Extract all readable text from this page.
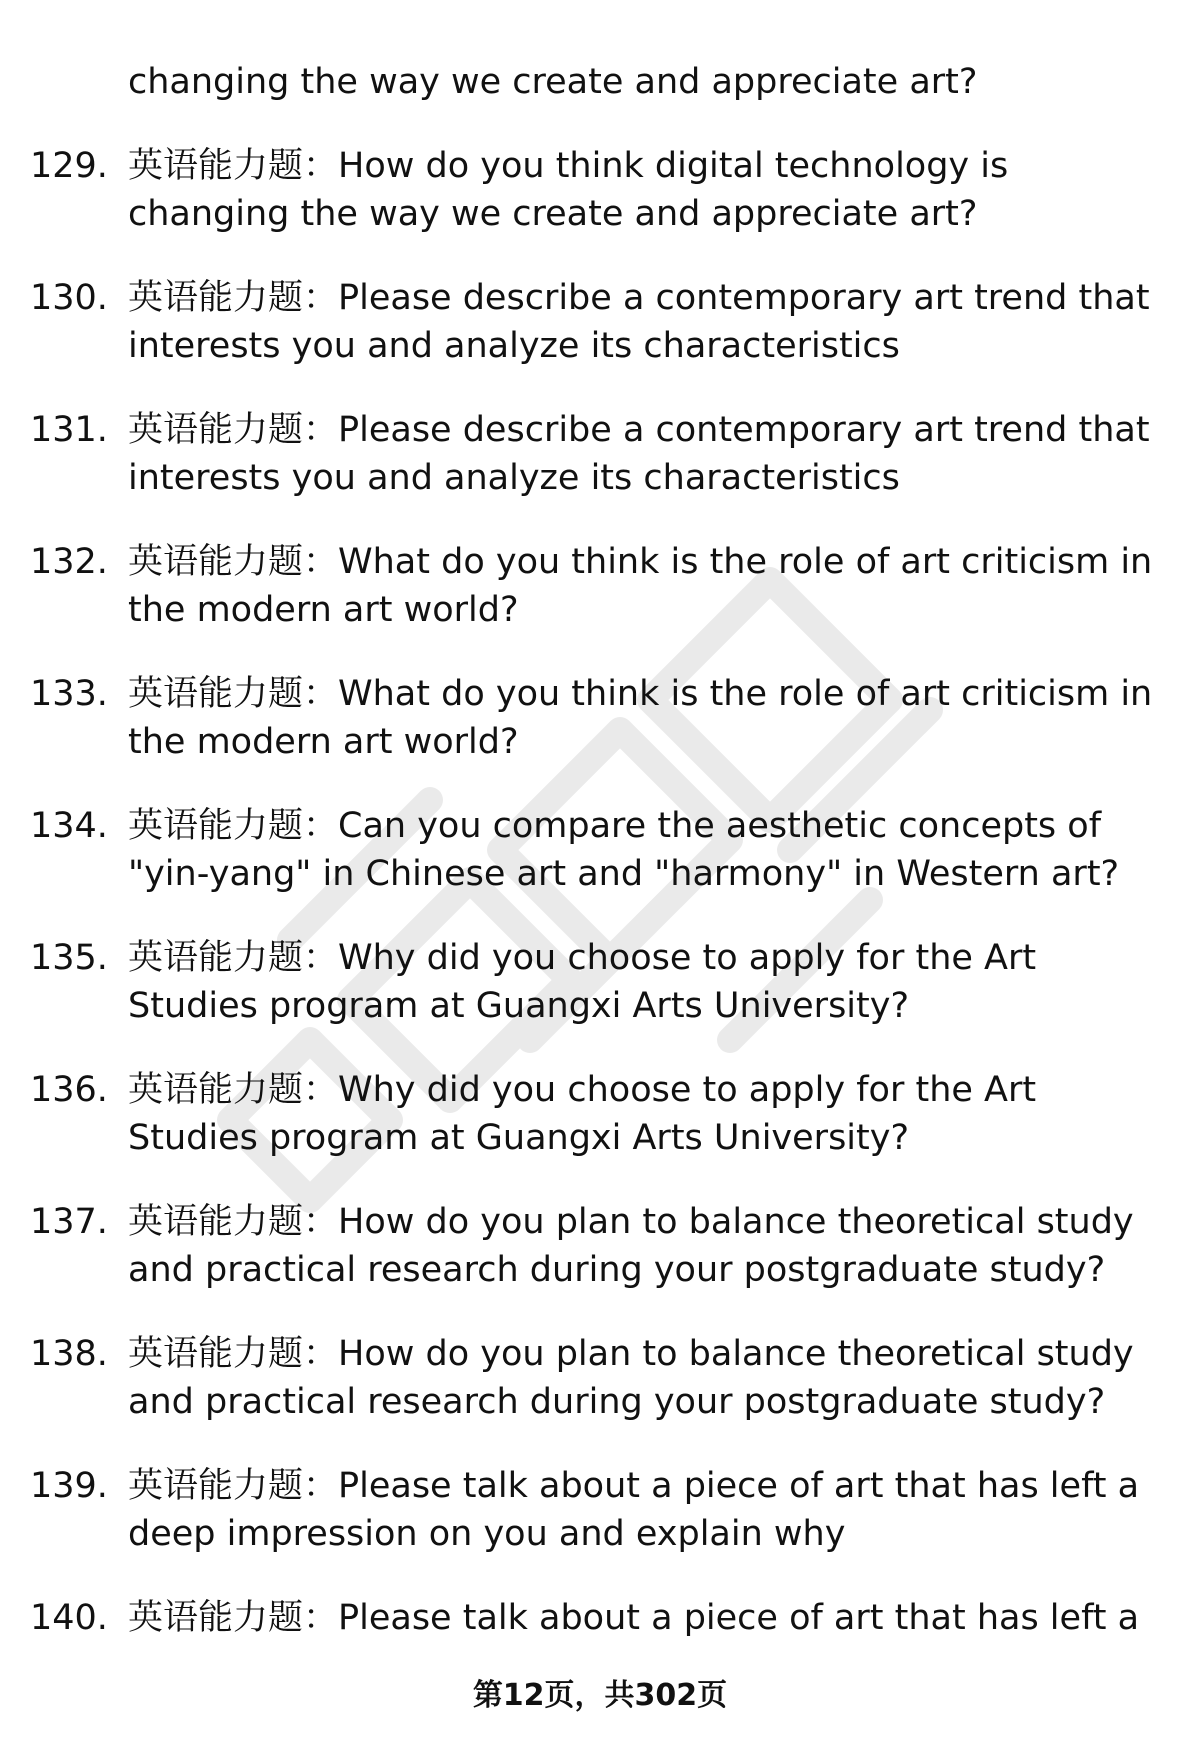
changing the way we create and appreciate art?
129. 英语能力题：How do you think digital technology is
changing the way we create and appreciate art?
130. 英语能力题：Please describe a contemporary art trend that
interests you and analyze its characteristics
131. 英语能力题：Please describe a contemporary art trend that
interests you and analyze its characteristics
132. 英语能力题：What do you think is the role of art criticism in
the modern art world?
133. 英语能力题：What do you think is the role of art criticism in
the modern art world?
134. 英语能力题：Can you compare the aesthetic concepts of
"yin-yang" in Chinese art and "harmony" in Western art?
135. 英语能力题：Why did you choose to apply for the Art
Studies program at Guangxi Arts University?
136. 英语能力题：Why did you choose to apply for the Art
Studies program at Guangxi Arts University?
137. 英语能力题：How do you plan to balance theoretical study
and practical research during your postgraduate study?
138. 英语能力题：How do you plan to balance theoretical study
and practical research during your postgraduate study?
139. 英语能力题：Please talk about a piece of art that has left a
deep impression on you and explain why
140. 英语能力题：Please talk about a piece of art that has left a
第12页，共302页
